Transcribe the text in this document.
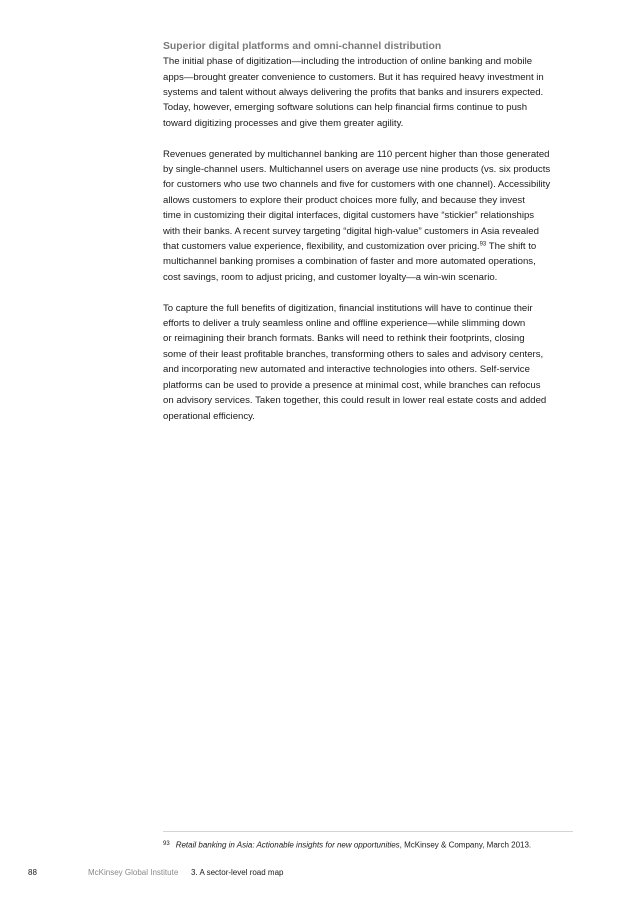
Superior digital platforms and omni-channel distribution

The initial phase of digitization—including the introduction of online banking and mobile
apps—brought greater convenience to customers. But it has required heavy investment in
systems and talent without always delivering the profits that banks and insurers expected.
Today, however, emerging software solutions can help financial firms continue to push
toward digitizing processes and give them greater agility.

Revenues generated by multichannel banking are 110 percent higher than those generated
by single-channel users. Multichannel users on average use nine products (vs. six products
for customers who use two channels and five for customers with one channel). Accessibility
allows customers to explore their product choices more fully, and because they invest
time in customizing their digital interfaces, digital customers have “stickier” relationships
with their banks. A recent survey targeting “digital high-value” customers in Asia revealed
that customers value experience, flexibility, and customization over pricing.$^{93}$ The shift to
multichannel banking promises a combination of faster and more automated operations,
cost savings, room to adjust pricing, and customer loyalty—a win-win scenario.

To capture the full benefits of digitization, financial institutions will have to continue their
efforts to deliver a truly seamless online and offline experience—while slimming down
or reimagining their branch formats. Banks will need to rethink their footprints, closing
some of their least profitable branches, transforming others to sales and advisory centers,
and incorporating new automated and interactive technologies into others. Self-service
platforms can be used to provide a presence at minimal cost, while branches can refocus
on advisory services. Taken together, this could result in lower real estate costs and added
operational efficiency.

$^{93}$ Retail banking in Asia: Actionable insights for new opportunities, McKinsey & Company, March 2013.
88	McKinsey Global Institute 3. A sector-level road map
